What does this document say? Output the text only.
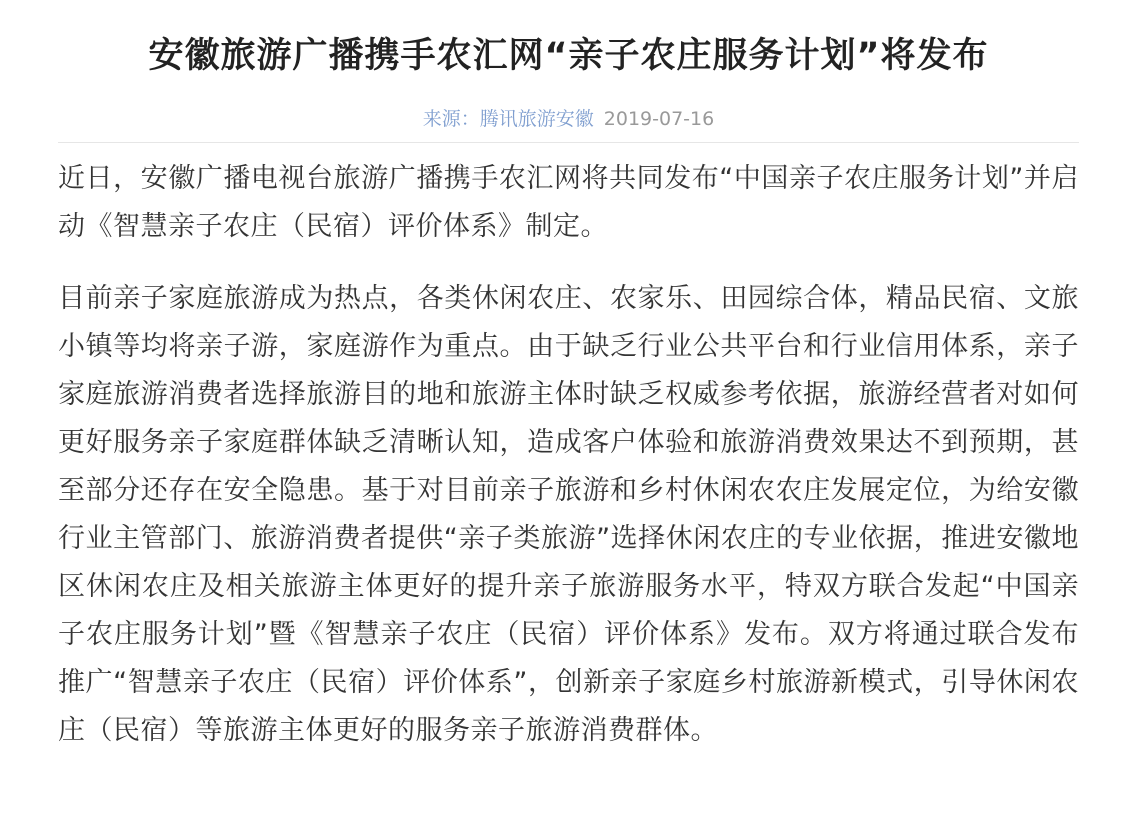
安徽旅游广播携手农汇网“亲子农庄服务计划”将发布
来源：腾讯旅游安徽 2019-07-16

近日，安徽广播电视台旅游广播携手农汇网将共同发布“中国亲子农庄服务计划”并启动《智慧亲子农庄（民宿）评价体系》制定。

目前亲子家庭旅游成为热点，各类休闲农庄、农家乐、田园综合体，精品民宿、文旅小镇等均将亲子游，家庭游作为重点。由于缺乏行业公共平台和行业信用体系，亲子家庭旅游消费者选择旅游目的地和旅游主体时缺乏权威参考依据，旅游经营者对如何更好服务亲子家庭群体缺乏清晰认知，造成客户体验和旅游消费效果达不到预期，甚至部分还存在安全隐患。基于对目前亲子旅游和乡村休闲农农庄发展定位，为给安徽行业主管部门、旅游消费者提供“亲子类旅游”选择休闲农庄的专业依据，推进安徽地区休闲农庄及相关旅游主体更好的提升亲子旅游服务水平，特双方联合发起“中国亲子农庄服务计划”暨《智慧亲子农庄（民宿）评价体系》发布。双方将通过联合发布推广“智慧亲子农庄（民宿）评价体系”，创新亲子家庭乡村旅游新模式，引导休闲农庄（民宿）等旅游主体更好的服务亲子旅游消费群体。
